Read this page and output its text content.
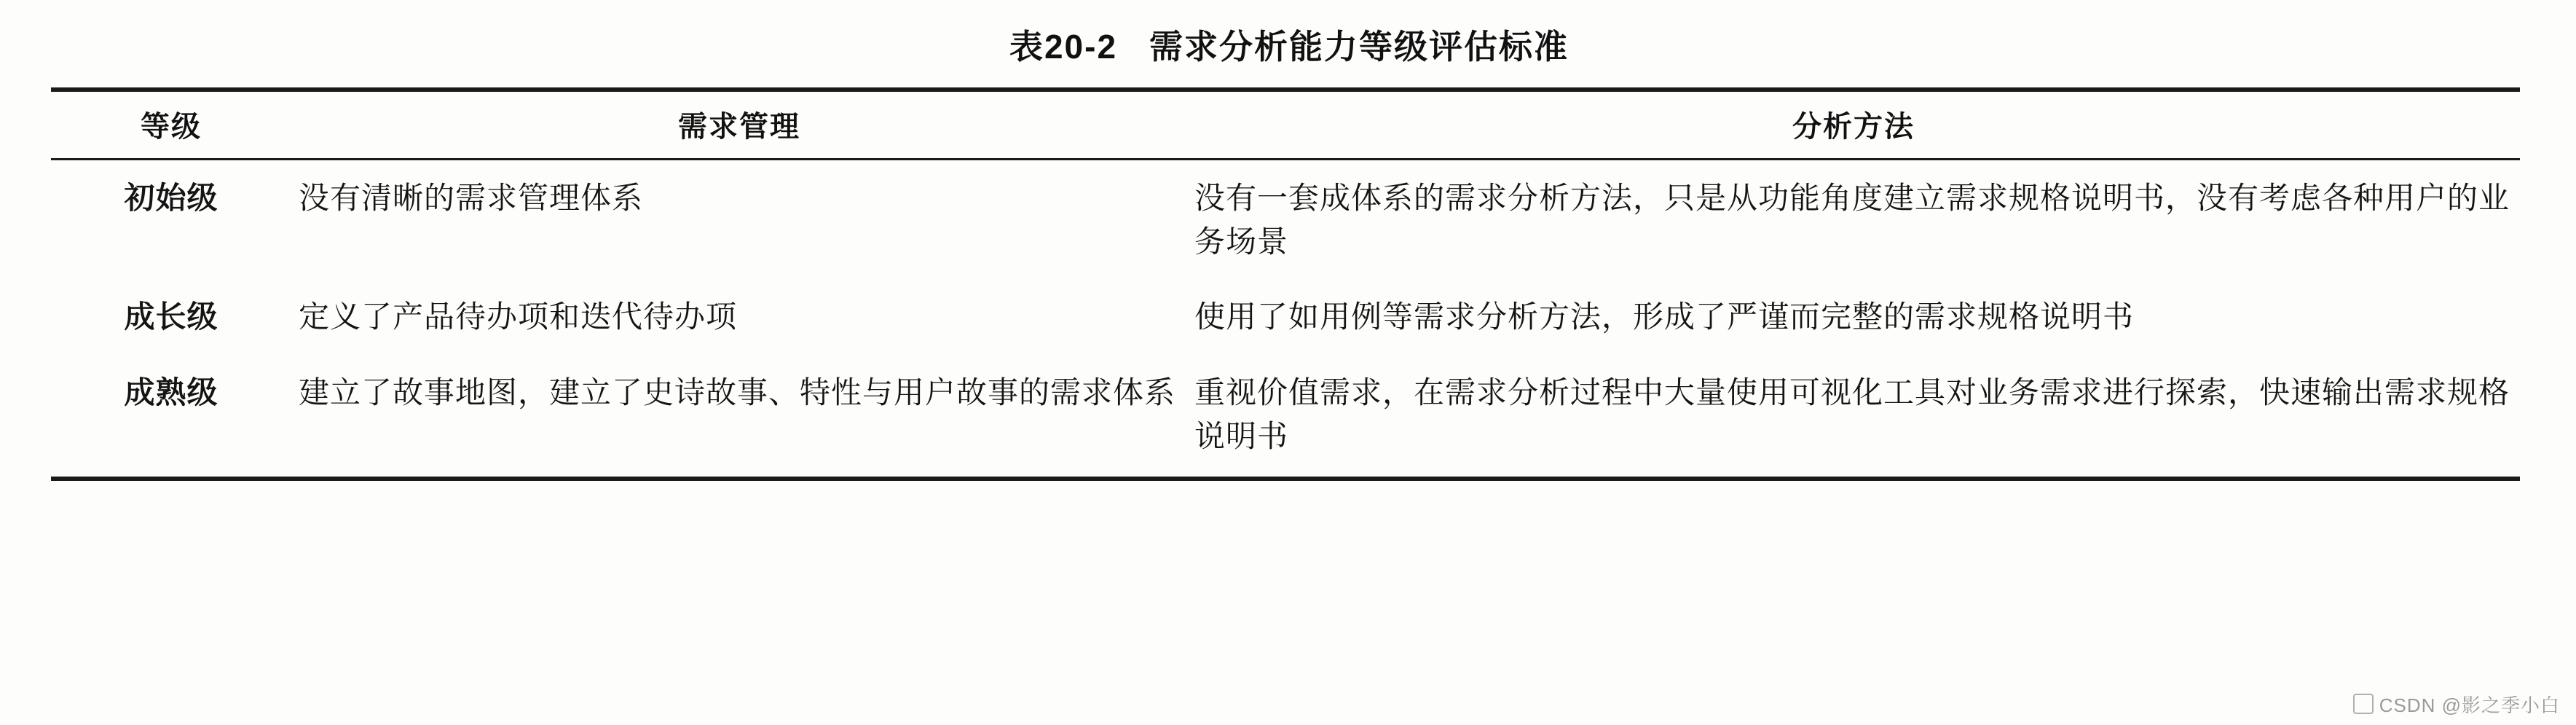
表20-2 需求分析能力等级评估标准
等级	需求管理	分析方法
初始级	没有清晰的需求管理体系	没有一套成体系的需求分析方法，只是从功能角度建立需求规格说明书，没有考虑各种用户的业务场景
成长级	定义了产品待办项和迭代待办项	使用了如用例等需求分析方法，形成了严谨而完整的需求规格说明书
成熟级	建立了故事地图，建立了史诗故事、特性与用户故事的需求体系	重视价值需求，在需求分析过程中大量使用可视化工具对业务需求进行探索，快速输出需求规格说明书
CSDN @影之季小白
